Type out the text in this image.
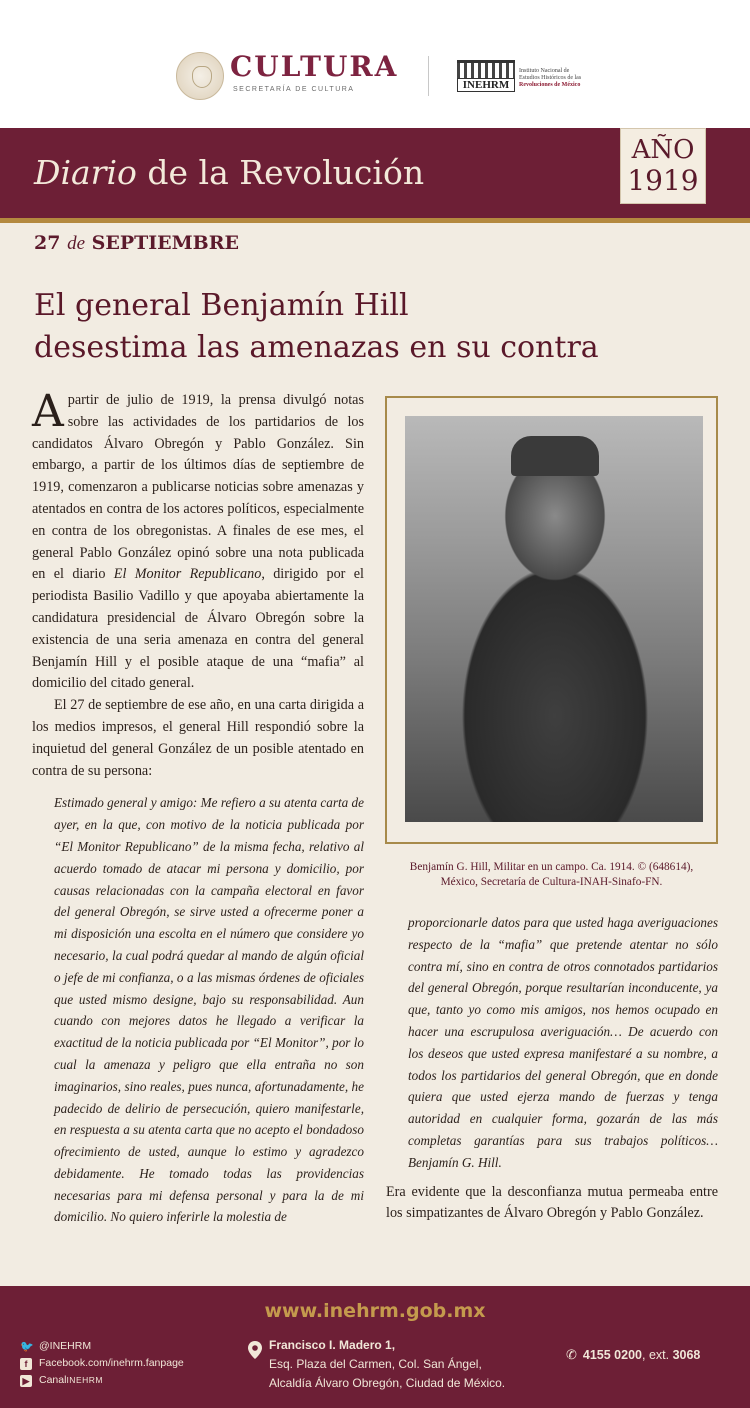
CULTURA
SECRETARÍA DE CULTURA	INEHRM
Instituto Nacional de
Estudios Históricos de las
Revoluciones de México
Diario de la Revolución
AÑO
1919
27 de SEPTIEMBRE
El general Benjamín Hill
desestima las amenazas en su contra

Apartir de julio de 1919, la prensa divulgó notas sobre las actividades de los partidarios de los candidatos Álvaro Obregón y Pablo González. Sin embargo, a partir de los últimos días de septiembre de 1919, comenzaron a publicarse noticias sobre amenazas y atentados en contra de los actores políticos, especialmente en contra de los obregonistas. A finales de ese mes, el general Pablo González opinó sobre una nota publicada en el diario El Monitor Republicano, dirigido por el periodista Basilio Vadillo y que apoyaba abiertamente la candidatura presidencial de Álvaro Obregón sobre la existencia de una seria amenaza en contra del general Benjamín Hill y el posible ataque de una “mafia” al domicilio del citado general.

El 27 de septiembre de ese año, en una carta dirigida a los medios impresos, el general Hill respondió sobre la inquietud del general González de un posible atentado en contra de su persona:

Estimado general y amigo: Me refiero a su atenta carta de ayer, en la que, con motivo de la noticia publicada por “El Monitor Republicano” de la misma fecha, relativo al acuerdo tomado de atacar mi persona y domicilio, por causas relacionadas con la campaña electoral en favor del general Obregón, se sirve usted a ofrecerme poner a mi disposición una escolta en el número que considere yo necesario, la cual podrá quedar al mando de algún oficial o jefe de mi confianza, o a las mismas órdenes de oficiales que usted mismo designe, bajo su responsabilidad. Aun cuando con mejores datos he llegado a verificar la exactitud de la noticia publicada por “El Monitor”, por lo cual la amenaza y peligro que ella entraña no son imaginarios, sino reales, pues nunca, afortunadamente, he padecido de delirio de persecución, quiero manifestarle, en respuesta a su atenta carta que no acepto el bondadoso ofrecimiento de usted, aunque lo estimo y agradezco debidamente. He tomado todas las providencias necesarias para mi defensa personal y para la de mi domicilio. No quiero inferirle la molestia de

Benjamín G. Hill, Militar en un campo. Ca. 1914. © (648614),
México, Secretaría de Cultura-INAH-Sinafo-FN.

proporcionarle datos para que usted haga averiguaciones respecto de la “mafia” que pretende atentar no sólo contra mí, sino en contra de otros connotados partidarios del general Obregón, porque resultarían inconducente, ya que, tanto yo como mis amigos, nos hemos ocupado en hacer una escrupulosa averiguación… De acuerdo con los deseos que usted expresa manifestaré a su nombre, a todos los partidarios del general Obregón, que en donde quiera que usted ejerza mando de fuerzas y tenga autoridad en cualquier forma, gozarán de las más completas garantías para sus trabajos políticos… Benjamín G. Hill.

Era evidente que la desconfianza mutua permeaba entre los simpatizantes de Álvaro Obregón y Pablo González.

www.inehrm.gob.mx
🐦 @INEHRM
f	Facebook.com/inehrm.fanpage
▶ Canal INEHRM
Francisco I. Madero 1,
Esq. Plaza del Carmen, Col. San Ángel,
Alcaldía Álvaro Obregón, Ciudad de México.
✆ 4155 0200, ext. 3068
